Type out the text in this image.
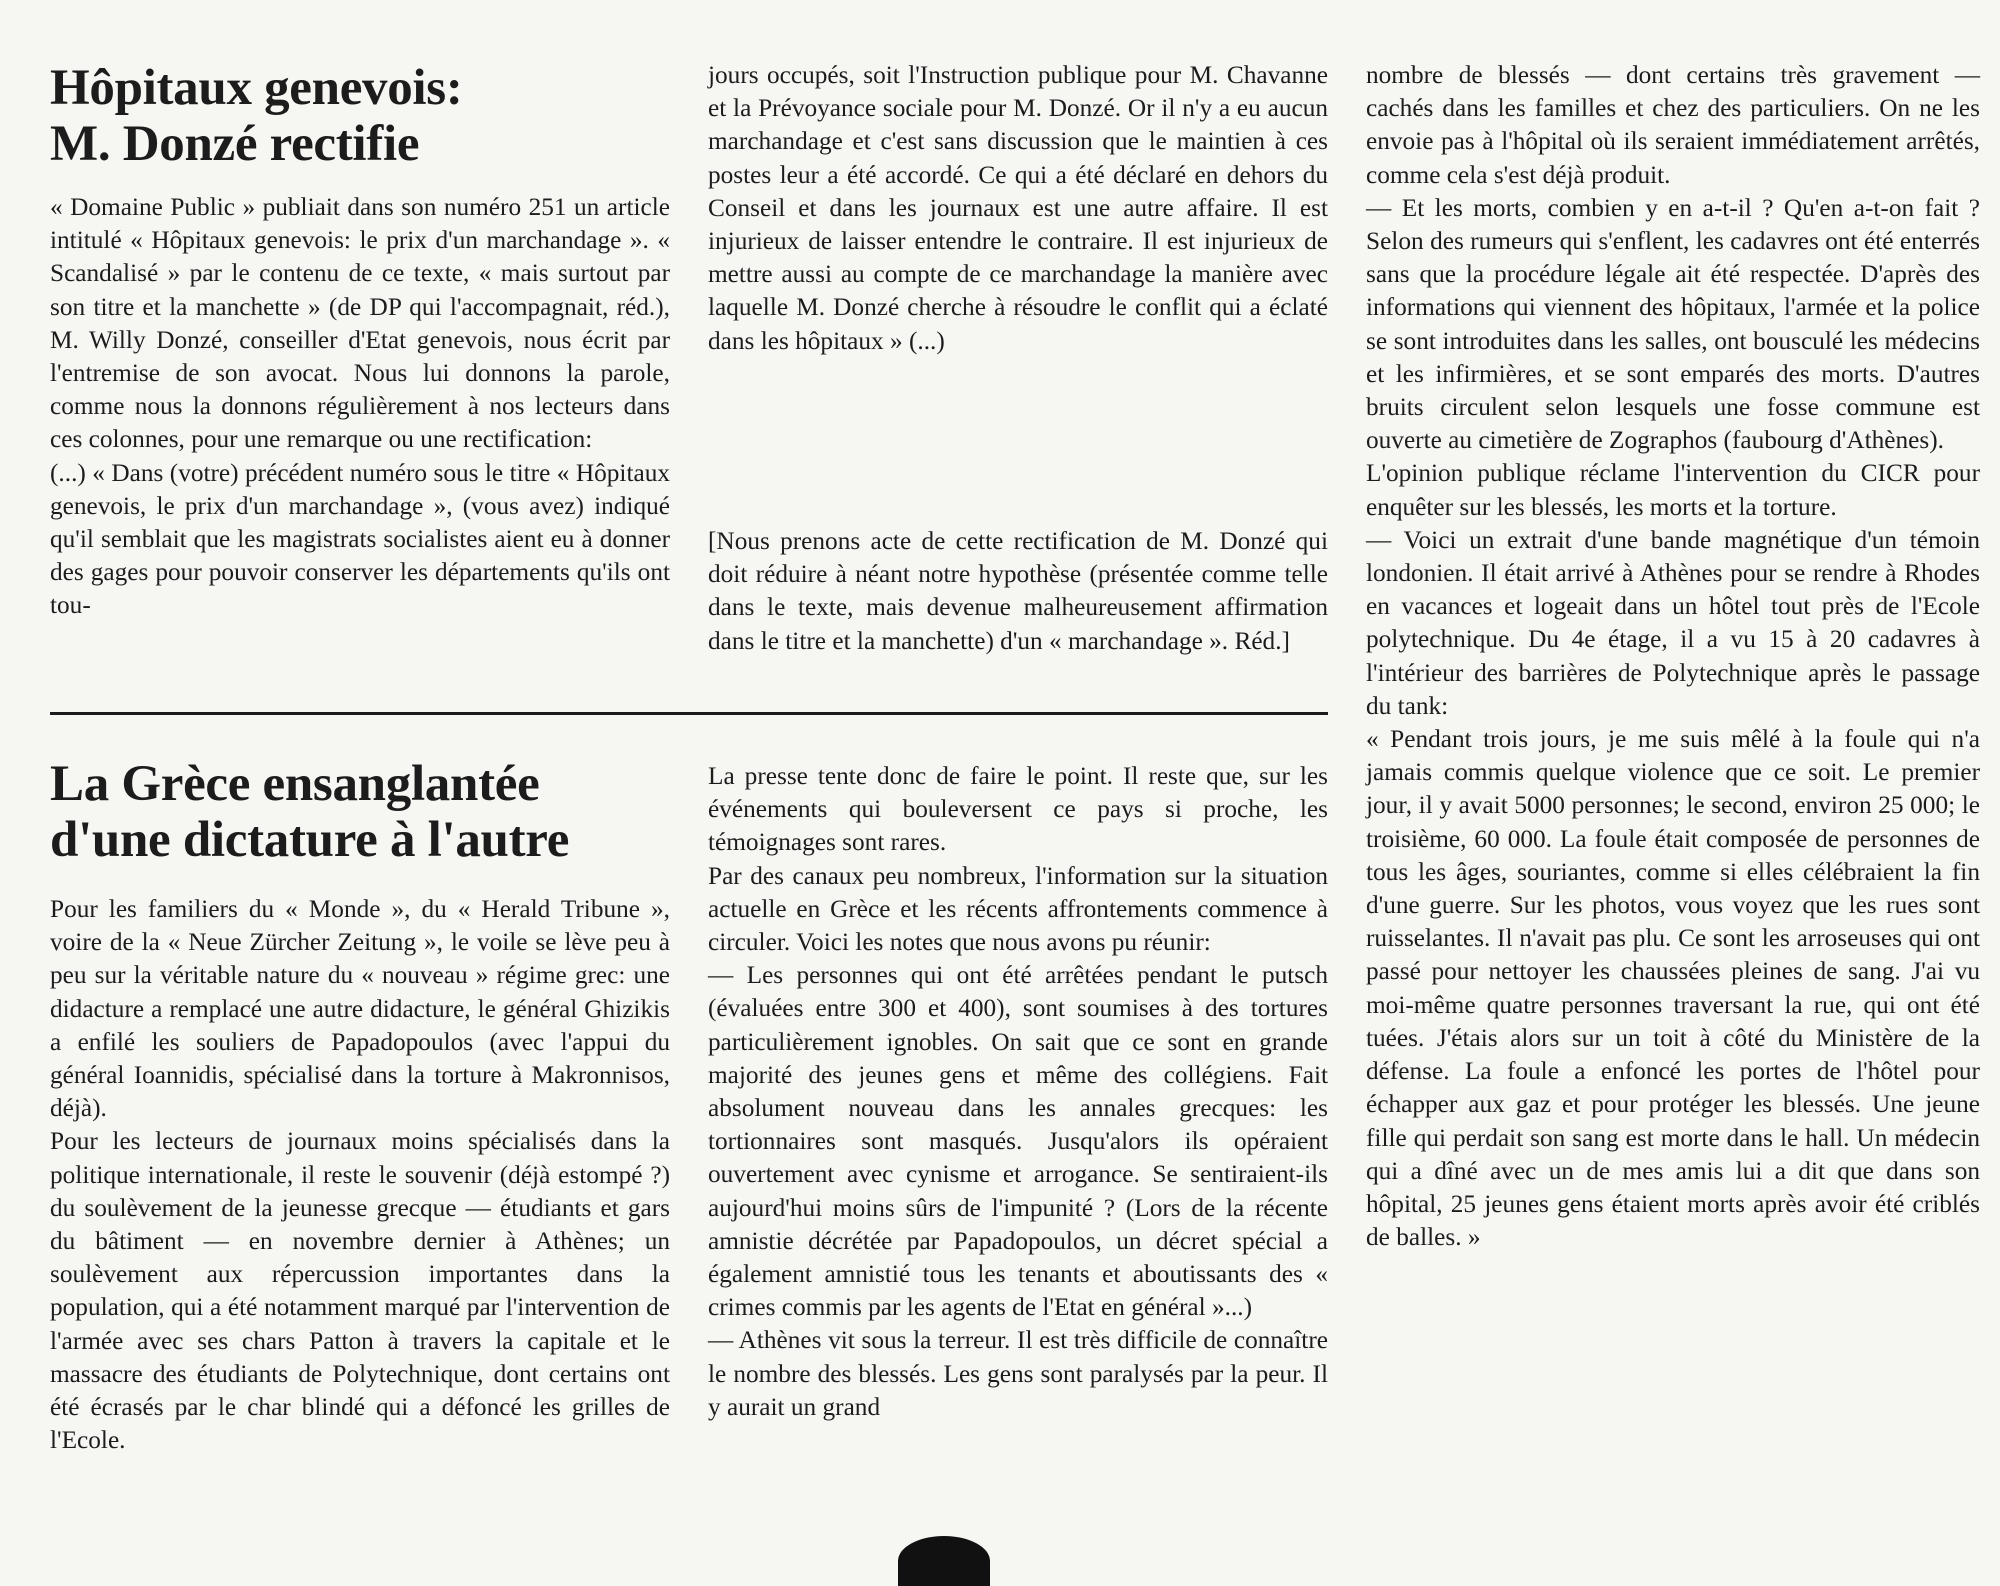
Hôpitaux genevois:
M. Donzé rectifie

« Domaine Public » publiait dans son numéro 251 un article intitulé « Hôpitaux genevois: le prix d'un marchandage ». « Scandalisé » par le contenu de ce texte, « mais surtout par son titre et la manchette » (de DP qui l'accompagnait, réd.), M. Willy Donzé, conseiller d'Etat genevois, nous écrit par l'entremise de son avocat. Nous lui donnons la parole, comme nous la donnons régulièrement à nos lecteurs dans ces colonnes, pour une remarque ou une rectification:

(...) « Dans (votre) précédent numéro sous le titre « Hôpitaux genevois, le prix d'un marchandage », (vous avez) indiqué qu'il semblait que les magistrats socialistes aient eu à donner des gages pour pouvoir conserver les départements qu'ils ont tou-

jours occupés, soit l'Instruction publique pour M. Chavanne et la Prévoyance sociale pour M. Donzé. Or il n'y a eu aucun marchandage et c'est sans discussion que le maintien à ces postes leur a été accordé. Ce qui a été déclaré en dehors du Conseil et dans les journaux est une autre affaire. Il est injurieux de laisser entendre le contraire. Il est injurieux de mettre aussi au compte de ce marchandage la manière avec laquelle M. Donzé cherche à résoudre le conflit qui a éclaté dans les hôpitaux » (...)

[Nous prenons acte de cette rectification de M. Donzé qui doit réduire à néant notre hypothèse (présentée comme telle dans le texte, mais devenue malheureusement affirmation dans le titre et la manchette) d'un « marchandage ». Réd.]

La Grèce ensanglantée
d'une dictature à l'autre

Pour les familiers du « Monde », du « Herald Tribune », voire de la « Neue Zürcher Zeitung », le voile se lève peu à peu sur la véritable nature du « nouveau » régime grec: une didacture a remplacé une autre didacture, le général Ghizikis a enfilé les souliers de Papadopoulos (avec l'appui du général Ioannidis, spécialisé dans la torture à Makronnisos, déjà).

Pour les lecteurs de journaux moins spécialisés dans la politique internationale, il reste le souvenir (déjà estompé ?) du soulèvement de la jeunesse grecque — étudiants et gars du bâtiment — en novembre dernier à Athènes; un soulèvement aux répercussion importantes dans la population, qui a été notamment marqué par l'intervention de l'armée avec ses chars Patton à travers la capitale et le massacre des étudiants de Polytechnique, dont certains ont été écrasés par le char blindé qui a défoncé les grilles de l'Ecole.

La presse tente donc de faire le point. Il reste que, sur les événements qui bouleversent ce pays si proche, les témoignages sont rares.

Par des canaux peu nombreux, l'information sur la situation actuelle en Grèce et les récents affrontements commence à circuler. Voici les notes que nous avons pu réunir:

— Les personnes qui ont été arrêtées pendant le putsch (évaluées entre 300 et 400), sont soumises à des tortures particulièrement ignobles. On sait que ce sont en grande majorité des jeunes gens et même des collégiens. Fait absolument nouveau dans les annales grecques: les tortionnaires sont masqués. Jusqu'alors ils opéraient ouvertement avec cynisme et arrogance. Se sentiraient-ils aujourd'hui moins sûrs de l'impunité ? (Lors de la récente amnistie décrétée par Papadopoulos, un décret spécial a également amnistié tous les tenants et aboutissants des « crimes commis par les agents de l'Etat en général »...)

— Athènes vit sous la terreur. Il est très difficile de connaître le nombre des blessés. Les gens sont paralysés par la peur. Il y aurait un grand

nombre de blessés — dont certains très gravement — cachés dans les familles et chez des particuliers. On ne les envoie pas à l'hôpital où ils seraient immédiatement arrêtés, comme cela s'est déjà produit.

— Et les morts, combien y en a-t-il ? Qu'en a-t-on fait ? Selon des rumeurs qui s'enflent, les cadavres ont été enterrés sans que la procédure légale ait été respectée. D'après des informations qui viennent des hôpitaux, l'armée et la police se sont introduites dans les salles, ont bousculé les médecins et les infirmières, et se sont emparés des morts. D'autres bruits circulent selon lesquels une fosse commune est ouverte au cimetière de Zographos (faubourg d'Athènes).

L'opinion publique réclame l'intervention du CICR pour enquêter sur les blessés, les morts et la torture.

— Voici un extrait d'une bande magnétique d'un témoin londonien. Il était arrivé à Athènes pour se rendre à Rhodes en vacances et logeait dans un hôtel tout près de l'Ecole polytechnique. Du 4e étage, il a vu 15 à 20 cadavres à l'intérieur des barrières de Polytechnique après le passage du tank:

« Pendant trois jours, je me suis mêlé à la foule qui n'a jamais commis quelque violence que ce soit. Le premier jour, il y avait 5000 personnes; le second, environ 25 000; le troisième, 60 000. La foule était composée de personnes de tous les âges, souriantes, comme si elles célébraient la fin d'une guerre. Sur les photos, vous voyez que les rues sont ruisselantes. Il n'avait pas plu. Ce sont les arroseuses qui ont passé pour nettoyer les chaussées pleines de sang. J'ai vu moi-même quatre personnes traversant la rue, qui ont été tuées. J'étais alors sur un toit à côté du Ministère de la défense. La foule a enfoncé les portes de l'hôtel pour échapper aux gaz et pour protéger les blessés. Une jeune fille qui perdait son sang est morte dans le hall. Un médecin qui a dîné avec un de mes amis lui a dit que dans son hôpital, 25 jeunes gens étaient morts après avoir été criblés de balles. »
